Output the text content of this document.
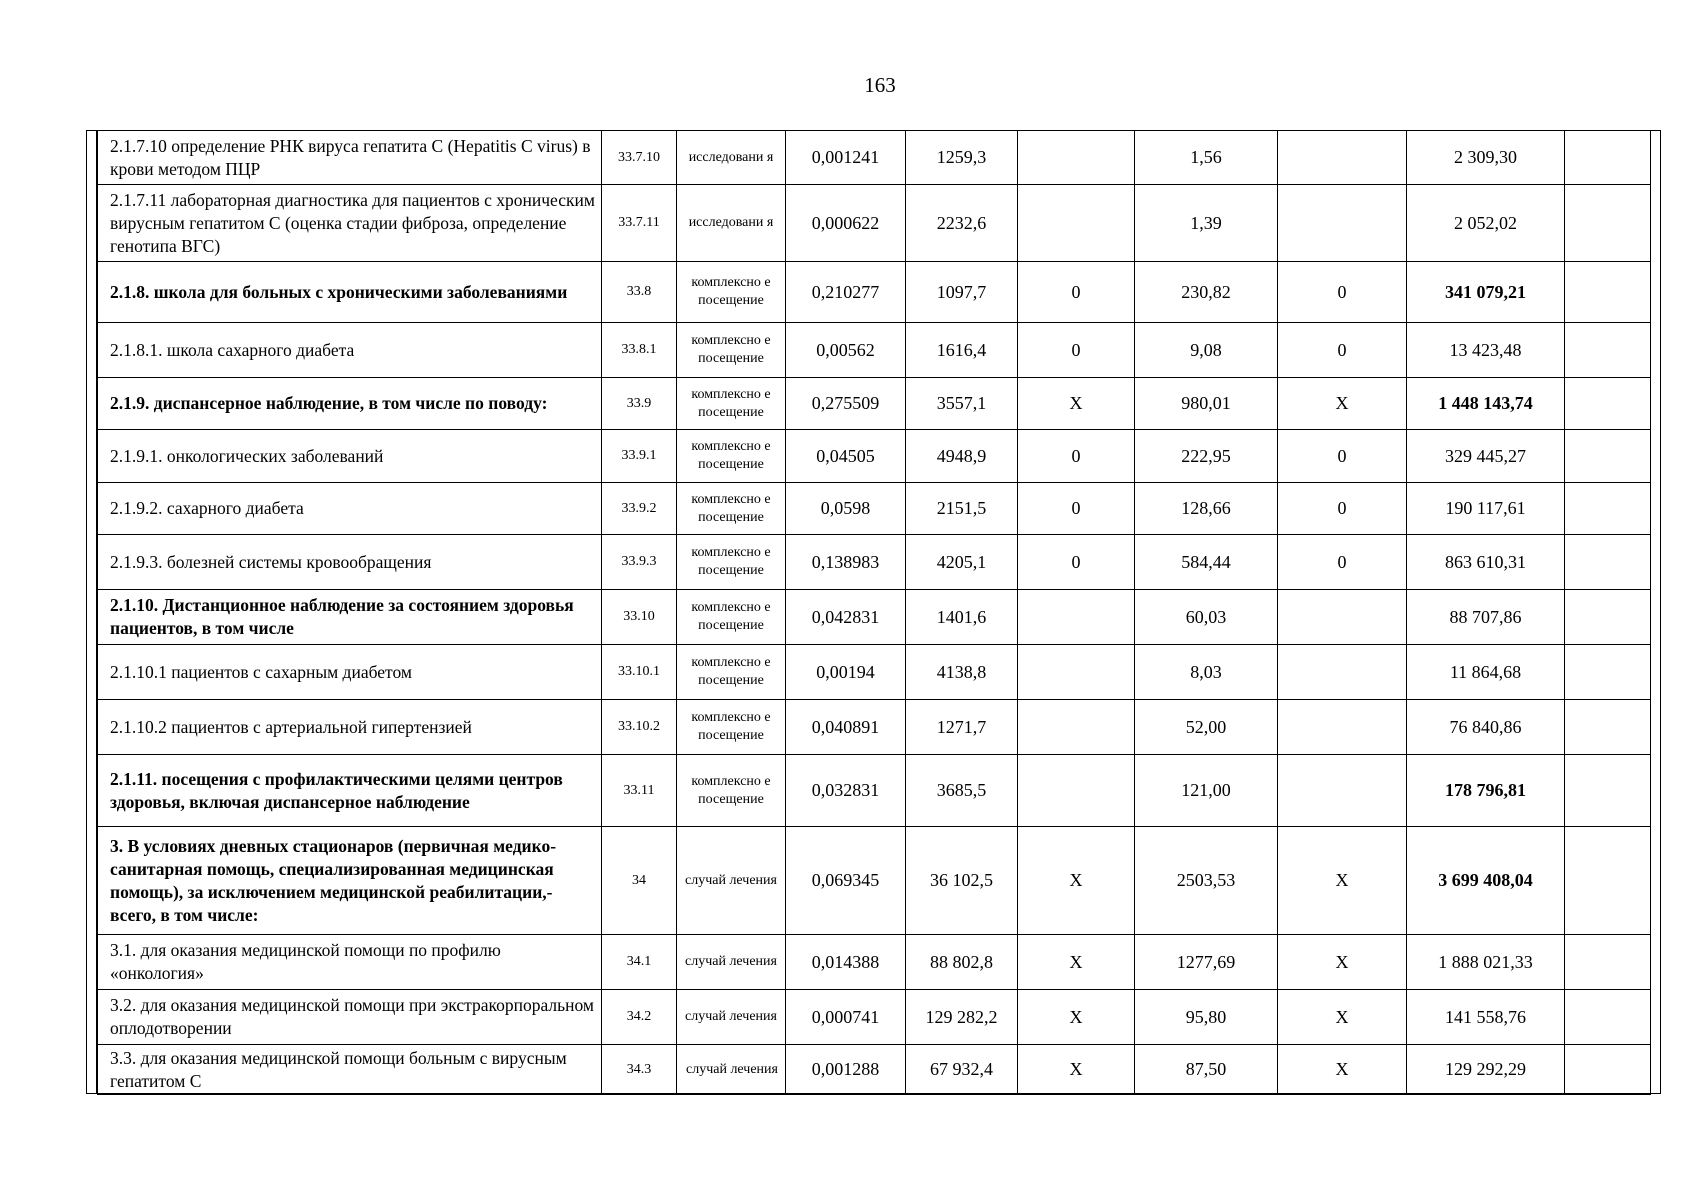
163
2.1.7.10 определение РНК вируса гепатита С (Hepatitis C virus) в крови методом ПЦР	33.7.10	исследовани я	0,001241	1259,3		1,56		2 309,30	
2.1.7.11 лабораторная диагностика для пациентов с хроническим вирусным гепатитом С (оценка стадии фиброза, определение генотипа ВГС)	33.7.11	исследовани я	0,000622	2232,6		1,39		2 052,02	
2.1.8. школа для больных с хроническими заболеваниями	33.8	комплексно е посещение	0,210277	1097,7	0	230,82	0	341 079,21	
2.1.8.1. школа сахарного диабета	33.8.1	комплексно е посещение	0,00562	1616,4	0	9,08	0	13 423,48	
2.1.9. диспансерное наблюдение, в том числе по поводу:	33.9	комплексно е посещение	0,275509	3557,1	Х	980,01	Х	1 448 143,74	
2.1.9.1. онкологических заболеваний	33.9.1	комплексно е посещение	0,04505	4948,9	0	222,95	0	329 445,27	
2.1.9.2. сахарного диабета	33.9.2	комплексно е посещение	0,0598	2151,5	0	128,66	0	190 117,61	
2.1.9.3. болезней системы кровообращения	33.9.3	комплексно е посещение	0,138983	4205,1	0	584,44	0	863 610,31	
2.1.10. Дистанционное наблюдение за состоянием здоровья пациентов, в том числе	33.10	комплексно е посещение	0,042831	1401,6		60,03		88 707,86	
2.1.10.1 пациентов с сахарным диабетом	33.10.1	комплексно е посещение	0,00194	4138,8		8,03		11 864,68	
2.1.10.2 пациентов с артериальной гипертензией	33.10.2	комплексно е посещение	0,040891	1271,7		52,00		76 840,86	
2.1.11. посещения с профилактическими целями центров здоровья, включая диспансерное наблюдение	33.11	комплексно е посещение	0,032831	3685,5		121,00		178 796,81	
3. В условиях дневных стационаров (первичная медико-санитарная помощь, специализированная медицинская помощь), за исключением медицинской реабилитации,- всего, в том числе:	34	случай лечения	0,069345	36 102,5	Х	2503,53	Х	3 699 408,04	
3.1. для оказания медицинской помощи по профилю «онкология»	34.1	случай лечения	0,014388	88 802,8	Х	1277,69	Х	1 888 021,33	
3.2. для оказания медицинской помощи при экстракорпоральном оплодотворении	34.2	случай лечения	0,000741	129 282,2	Х	95,80	Х	141 558,76	
3.3. для оказания медицинской помощи больным с вирусным гепатитом С	34.3	случай лечения	0,001288	67 932,4	Х	87,50	Х	129 292,29	
